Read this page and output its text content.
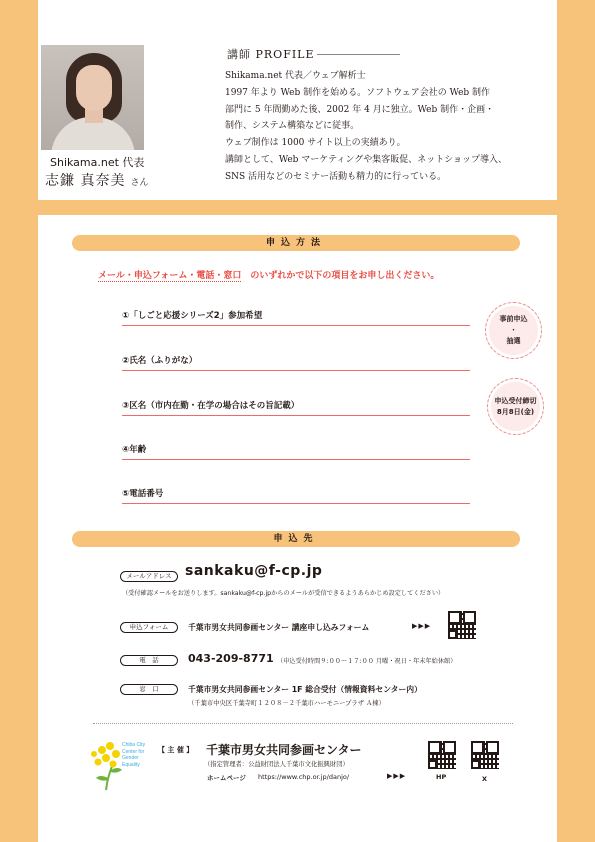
Shikama.net 代表
志鎌 真奈美 さん
講師 PROFILE

Shikama.net 代表／ウェブ解析士

1997 年より Web 制作を始める。ソフトウェア会社の Web 制作

部門に 5 年間勤めた後、2002 年 4 月に独立。Web 制作・企画・

制作、システム構築などに従事。

ウェブ制作は 1000 サイト以上の実績あり。

講師として、Web マーケティングや集客販促、ネットショップ導入、

SNS 活用などのセミナー活動も精力的に行っている。

申込方法
メール・申込フォーム・電話・窓口　 のいずれかで以下の項目をお申し出ください。
①「しごと応援シリーズ2」参加希望
②氏名（ふりがな）
③区名（市内在勤・在学の場合はその旨記載）
④年齢
⑤電話番号
事前申込
・
抽選
申込受付締切
8月8日(金)
申込先
メールアドレス sankaku@f-cp.jp
（受付確認メールをお送りします。sankaku@f-cp.jpからのメールが受信できるようあらかじめ設定してください）
申込フォーム	千葉市男女共同参画センター 講座申し込みフォーム	▶▶▶
電　話	043-209-8771 （申込受付時間９:００～１７:００ 月曜・祝日・年末年始休館）
窓　口	千葉市男女共同参画センター 1F 総合受付（情報資料センター内）
（千葉市中央区千葉寺町１２０８－２千葉市ハーモニープラザ Ａ棟）
Chiba City
Center for
Gender
Equality
【 主 催 】 千葉市男女共同参画センター
（指定管理者：公益財団法人千葉市文化振興財団）
ホームページ https://www.chp.or.jp/danjo/	▶▶▶	HP	X
